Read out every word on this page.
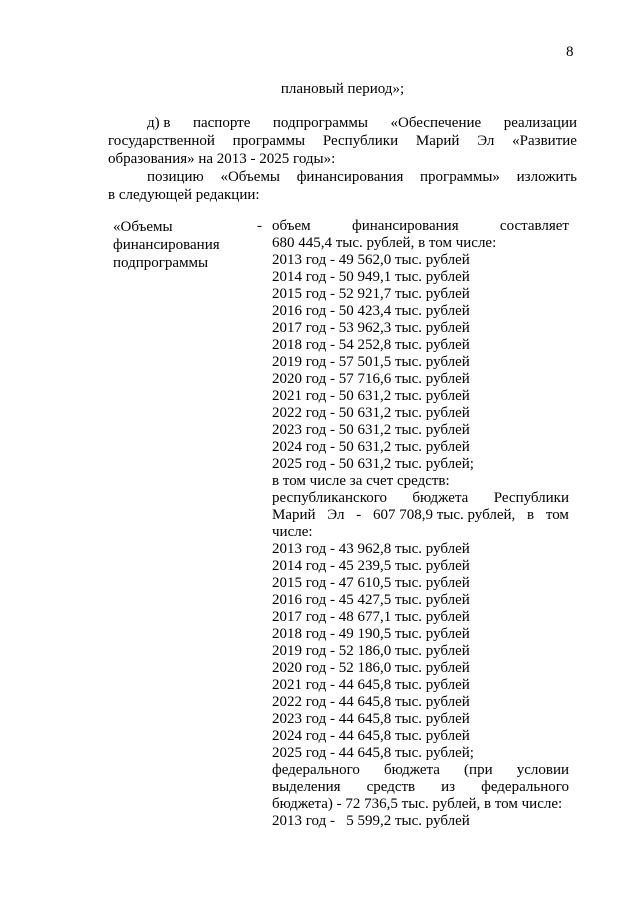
8
плановый период»;
д) в паспорте подпрограммы «Обеспечение реализации
государственной программы Республики Марий Эл «Развитие
образования» на 2013 - 2025 годы»:
позицию «Объемы финансирования программы» изложить
в следующей редакции:
«Объемы
финансирования
подпрограммы
- объем	финансирования	составляет
680 445,4 тыс. рублей, в том числе:
2013 год - 49 562,0 тыс. рублей
2014 год - 50 949,1 тыс. рублей
2015 год - 52 921,7 тыс. рублей
2016 год - 50 423,4 тыс. рублей
2017 год - 53 962,3 тыс. рублей
2018 год - 54 252,8 тыс. рублей
2019 год - 57 501,5 тыс. рублей
2020 год - 57 716,6 тыс. рублей
2021 год - 50 631,2 тыс. рублей
2022 год - 50 631,2 тыс. рублей
2023 год - 50 631,2 тыс. рублей
2024 год - 50 631,2 тыс. рублей
2025 год - 50 631,2 тыс. рублей;
в том числе за счет средств:
республиканского бюджета Республики
Марий Эл - 607 708,9 тыс. рублей, в том
числе:
2013 год - 43 962,8 тыс. рублей
2014 год - 45 239,5 тыс. рублей
2015 год - 47 610,5 тыс. рублей
2016 год - 45 427,5 тыс. рублей
2017 год - 48 677,1 тыс. рублей
2018 год - 49 190,5 тыс. рублей
2019 год - 52 186,0 тыс. рублей
2020 год - 52 186,0 тыс. рублей
2021 год - 44 645,8 тыс. рублей
2022 год - 44 645,8 тыс. рублей
2023 год - 44 645,8 тыс. рублей
2024 год - 44 645,8 тыс. рублей
2025 год - 44 645,8 тыс. рублей;
федерального бюджета (при условии
выделения средств из федерального
бюджета) - 72 736,5 тыс. рублей, в том числе:
2013 год -   5 599,2 тыс. рублей
